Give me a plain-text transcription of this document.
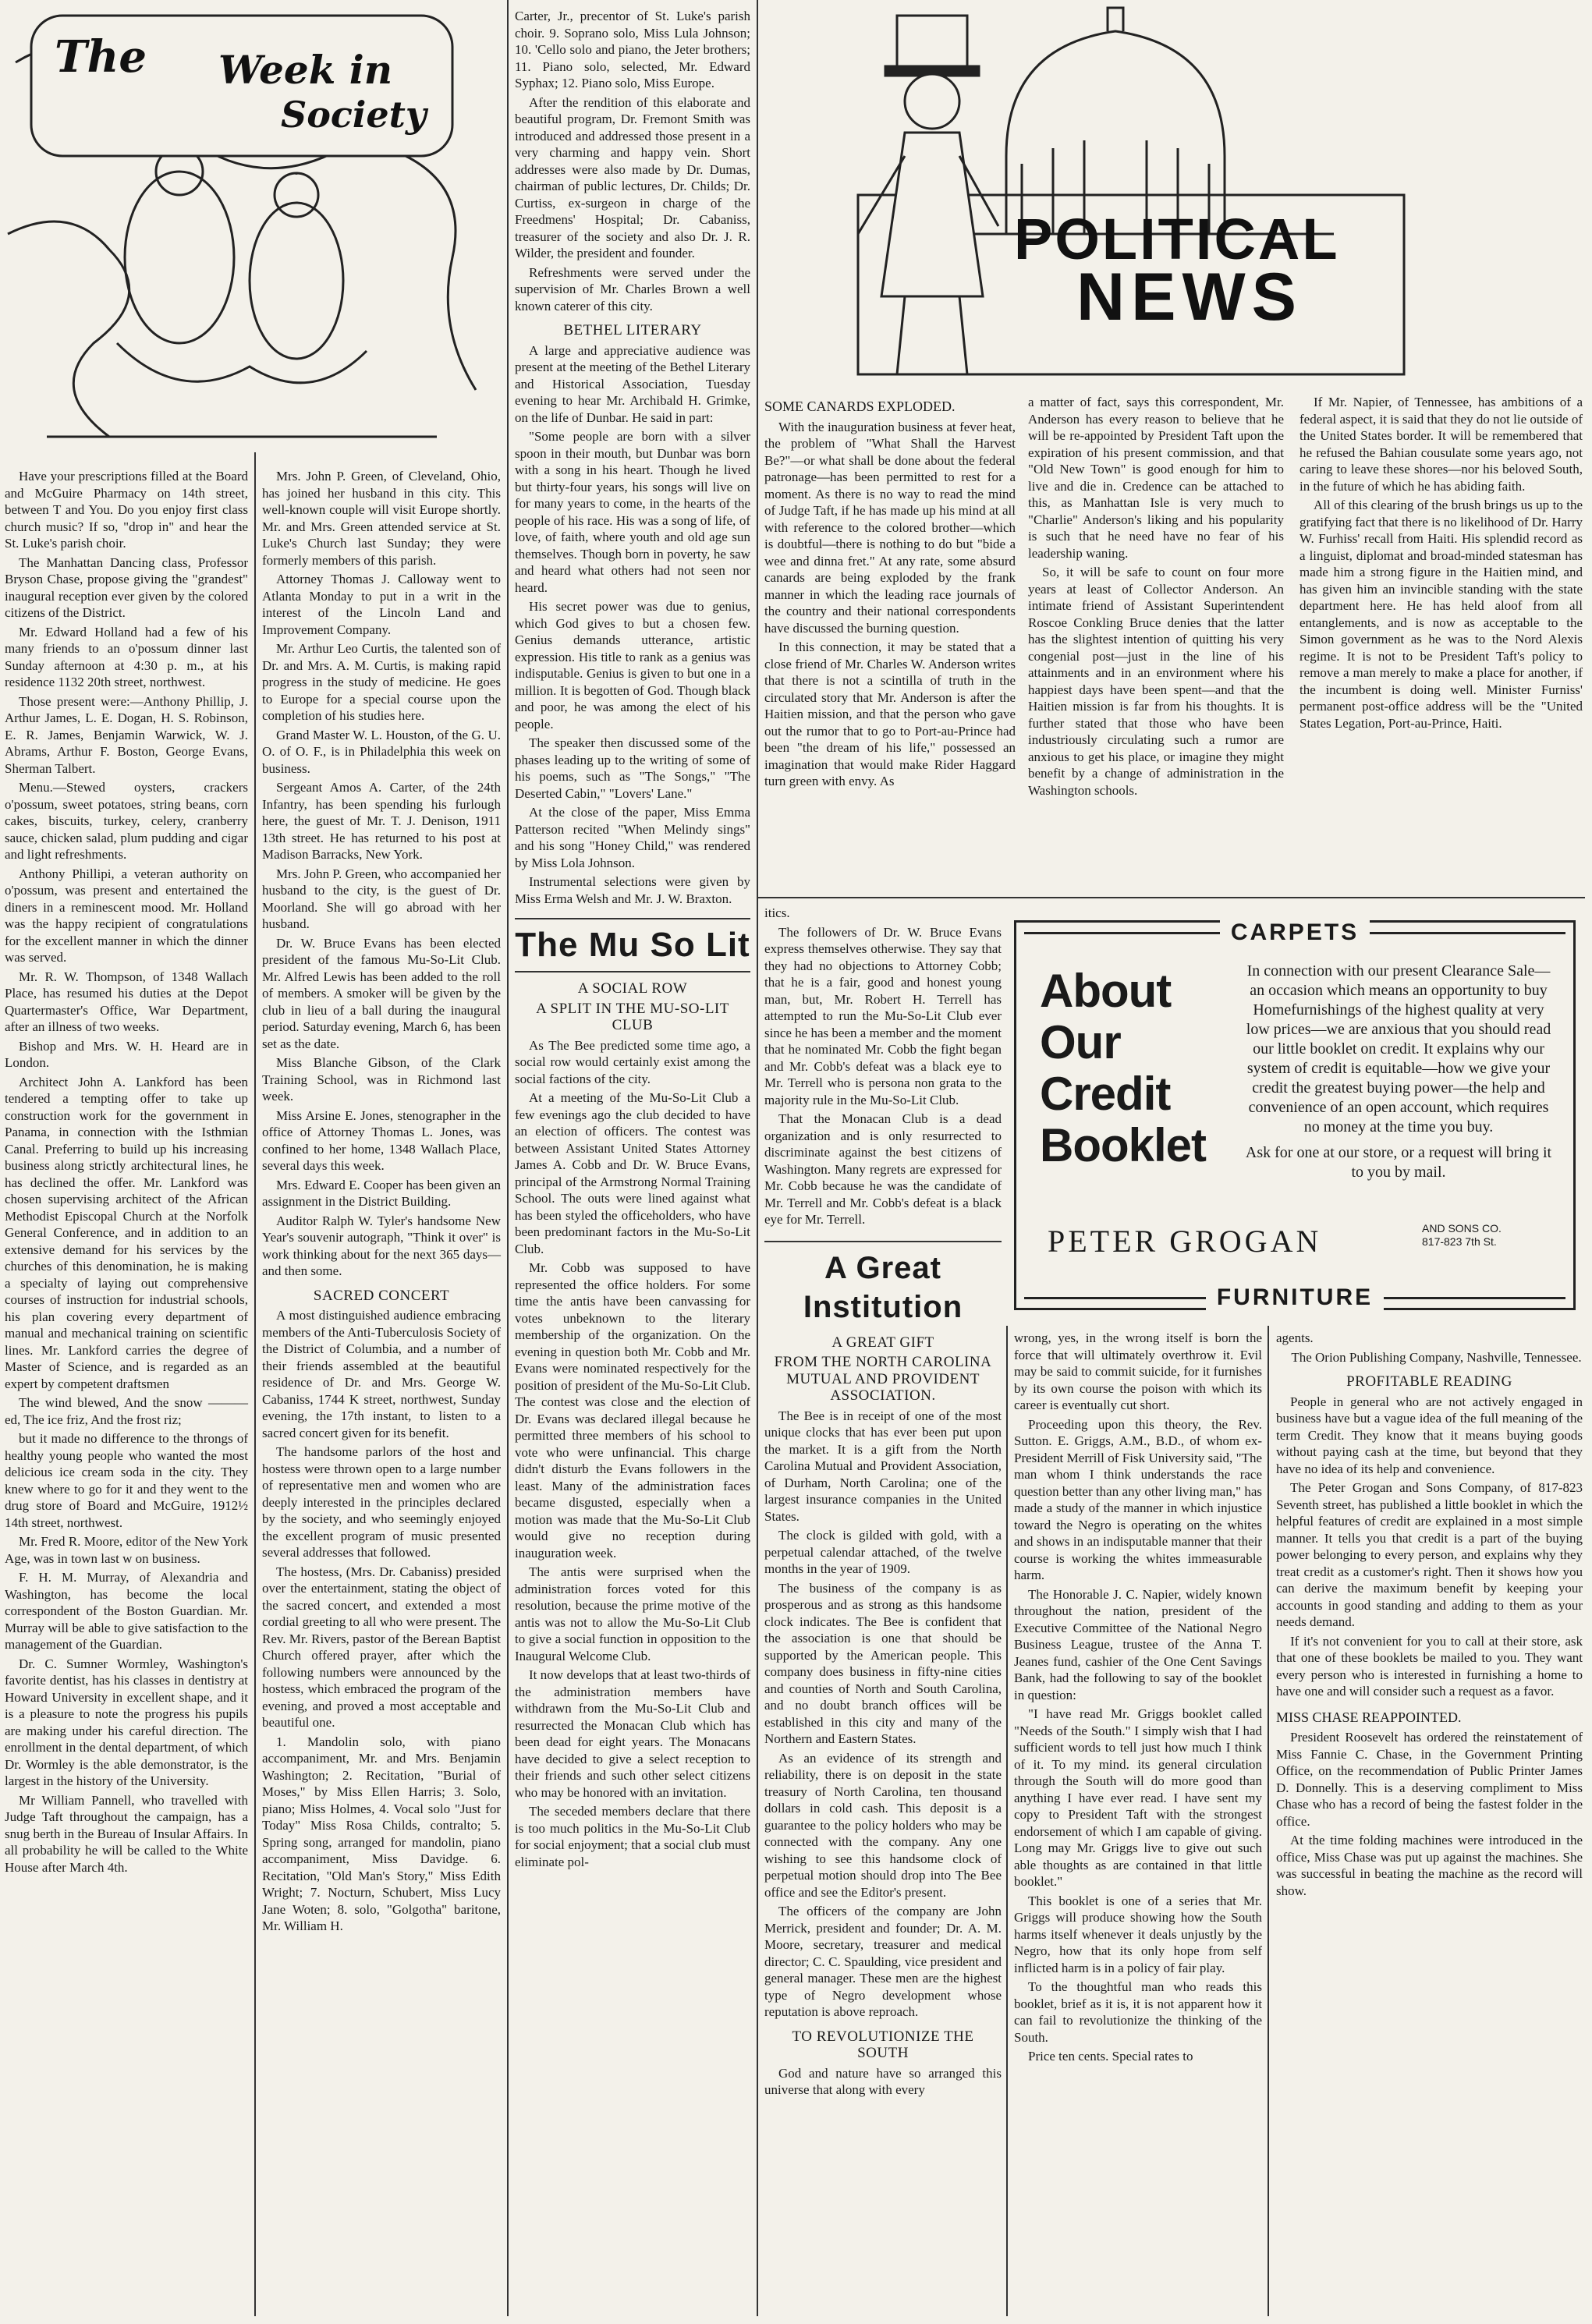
The Week in
Society
POLITICAL
NEWS

Have your prescriptions filled at the Board and McGuire Pharmacy on 14th street, between T and You. Do you enjoy first class church music? If so, "drop in" and hear the St. Luke's parish choir.

The Manhattan Dancing class, Professor Bryson Chase, propose giving the "grandest" inaugural reception ever given by the colored citizens of the District.

Mr. Edward Holland had a few of his many friends to an o'possum dinner last Sunday afternoon at 4:30 p. m., at his residence 1132 20th street, northwest.

Those present were:—Anthony Phillip, J. Arthur James, L. E. Dogan, H. S. Robinson, E. R. James, Benjamin Warwick, W. J. Abrams, Arthur F. Boston, George Evans, Sherman Talbert.

Menu.—Stewed oysters, crackers o'possum, sweet potatoes, string beans, corn cakes, biscuits, turkey, celery, cranberry sauce, chicken salad, plum pudding and cigar and light refreshments.

Anthony Phillipi, a veteran authority on o'possum, was present and entertained the diners in a reminescent mood. Mr. Holland was the happy recipient of congratulations for the excellent manner in which the dinner was served.

Mr. R. W. Thompson, of 1348 Wallach Place, has resumed his duties at the Depot Quartermaster's Office, War Department, after an illness of two weeks.

Bishop and Mrs. W. H. Heard are in London.

Architect John A. Lankford has been tendered a tempting offer to take up construction work for the government in Panama, in connection with the Isthmian Canal. Preferring to build up his increasing business along strictly architectural lines, he has declined the offer. Mr. Lankford was chosen supervising architect of the African Methodist Episcopal Church at the Norfolk General Conference, and in addition to an extensive demand for his services by the churches of this denomination, he is making a specialty of laying out comprehensive courses of instruction for industrial schools, his plan covering every department of manual and mechanical training on scientific lines. Mr. Lankford carries the degree of Master of Science, and is regarded as an expert by competent draftsmen

The wind blewed, And the snow ——— ed, The ice friz, And the frost riz;

but it made no difference to the throngs of healthy young people who wanted the most delicious ice cream soda in the city. They knew where to go for it and they went to the drug store of Board and McGuire, 1912½ 14th street, northwest.

Mr. Fred R. Moore, editor of the New York Age, was in town last w on business.

F. H. M. Murray, of Alexandria and Washington, has become the local correspondent of the Boston Guardian. Mr. Murray will be able to give satisfaction to the management of the Guardian.

Dr. C. Sumner Wormley, Washington's favorite dentist, has his classes in dentistry at Howard University in excellent shape, and it is a pleasure to note the progress his pupils are making under his careful direction. The enrollment in the dental department, of which Dr. Wormley is the able demonstrator, is the largest in the history of the University.

Mr William Pannell, who travelled with Judge Taft throughout the campaign, has a snug berth in the Bureau of Insular Affairs. In all probability he will be called to the White House after March 4th.

Mrs. John P. Green, of Cleveland, Ohio, has joined her husband in this city. This well-known couple will visit Europe shortly. Mr. and Mrs. Green attended service at St. Luke's Church last Sunday; they were formerly members of this parish.

Attorney Thomas J. Calloway went to Atlanta Monday to put in a writ in the interest of the Lincoln Land and Improvement Company.

Mr. Arthur Leo Curtis, the talented son of Dr. and Mrs. A. M. Curtis, is making rapid progress in the study of medicine. He goes to Europe for a special course upon the completion of his studies here.

Grand Master W. L. Houston, of the G. U. O. of O. F., is in Philadelphia this week on business.

Sergeant Amos A. Carter, of the 24th Infantry, has been spending his furlough here, the guest of Mr. T. J. Denison, 1911 13th street. He has returned to his post at Madison Barracks, New York.

Mrs. John P. Green, who accompanied her husband to the city, is the guest of Dr. Moorland. She will go abroad with her husband.

Dr. W. Bruce Evans has been elected president of the famous Mu-So-Lit Club. Mr. Alfred Lewis has been added to the roll of members. A smoker will be given by the club in lieu of a ball during the inaugural period. Saturday evening, March 6, has been set as the date.

Miss Blanche Gibson, of the Clark Training School, was in Richmond last week.

Miss Arsine E. Jones, stenographer in the office of Attorney Thomas L. Jones, was confined to her home, 1348 Wallach Place, several days this week.

Mrs. Edward E. Cooper has been given an assignment in the District Building.

Auditor Ralph W. Tyler's handsome New Year's souvenir autograph, "Think it over" is work thinking about for the next 365 days—and then some.

SACRED CONCERT

A most distinguished audience embracing members of the Anti-Tuberculosis Society of the District of Columbia, and a number of their friends assembled at the beautiful residence of Dr. and Mrs. George W. Cabaniss, 1744 K street, northwest, Sunday evening, the 17th instant, to listen to a sacred concert given for its benefit.

The handsome parlors of the host and hostess were thrown open to a large number of representative men and women who are deeply interested in the principles declared by the society, and who seemingly enjoyed the excellent program of music presented several addresses that followed.

The hostess, (Mrs. Dr. Cabaniss) presided over the entertainment, stating the object of the sacred concert, and extended a most cordial greeting to all who were present. The Rev. Mr. Rivers, pastor of the Berean Baptist Church offered prayer, after which the following numbers were announced by the hostess, which embraced the program of the evening, and proved a most acceptable and beautiful one.

1. Mandolin solo, with piano accompaniment, Mr. and Mrs. Benjamin Washington; 2. Recitation, "Burial of Moses," by Miss Ellen Harris; 3. Solo, piano; Miss Holmes, 4. Vocal solo "Just for Today" Miss Rosa Childs, contralto; 5. Spring song, arranged for mandolin, piano accompaniment, Miss Davidge. 6. Recitation, "Old Man's Story," Miss Edith Wright; 7. Nocturn, Schubert, Miss Lucy Jane Woten; 8. solo, "Golgotha" baritone, Mr. William H.

Carter, Jr., precentor of St. Luke's parish choir. 9. Soprano solo, Miss Lula Johnson; 10. 'Cello solo and piano, the Jeter brothers; 11. Piano solo, selected, Mr. Edward Syphax; 12. Piano solo, Miss Europe.

After the rendition of this elaborate and beautiful program, Dr. Fremont Smith was introduced and addressed those present in a very charming and happy vein. Short addresses were also made by Dr. Dumas, chairman of public lectures, Dr. Childs; Dr. Curtiss, ex-surgeon in charge of the Freedmens' Hospital; Dr. Cabaniss, treasurer of the society and also Dr. J. R. Wilder, the president and founder.

Refreshments were served under the supervision of Mr. Charles Brown a well known caterer of this city.

BETHEL LITERARY

A large and appreciative audience was present at the meeting of the Bethel Literary and Historical Association, Tuesday evening to hear Mr. Archibald H. Grimke, on the life of Dunbar. He said in part:

"Some people are born with a silver spoon in their mouth, but Dunbar was born with a song in his heart. Though he lived but thirty-four years, his songs will live on for many years to come, in the hearts of the people of his race. His was a song of life, of love, of faith, where youth and old age sun themselves. Though born in poverty, he saw and heard what others had not seen nor heard.

His secret power was due to genius, which God gives to but a chosen few. Genius demands utterance, artistic expression. His title to rank as a genius was indisputable. Genius is given to but one in a million. It is begotten of God. Though black and poor, he was among the elect of his people.

The speaker then discussed some of the phases leading up to the writing of some of his poems, such as "The Songs," "The Deserted Cabin," "Lovers' Lane."

At the close of the paper, Miss Emma Patterson recited "When Melindy sings" and his song "Honey Child," was rendered by Miss Lola Johnson.

Instrumental selections were given by Miss Erma Welsh and Mr. J. W. Braxton.

The Mu So Lit
A SOCIAL ROW
A SPLIT IN THE MU-SO-LIT CLUB

As The Bee predicted some time ago, a social row would certainly exist among the social factions of the city.

At a meeting of the Mu-So-Lit Club a few evenings ago the club decided to have an election of officers. The contest was between Assistant United States Attorney James A. Cobb and Dr. W. Bruce Evans, principal of the Armstrong Normal Training School. The outs were lined against what has been styled the officeholders, who have been predominant factors in the Mu-So-Lit Club.

Mr. Cobb was supposed to have represented the office holders. For some time the antis have been canvassing for votes unbeknown to the literary membership of the organization. On the evening in question both Mr. Cobb and Mr. Evans were nominated respectively for the position of president of the Mu-So-Lit Club. The contest was close and the election of Dr. Evans was declared illegal because he permitted three members of his school to vote who were unfinancial. This charge didn't disturb the Evans followers in the least. Many of the administration faces became disgusted, especially when a motion was made that the Mu-So-Lit Club would give no reception during inauguration week.

The antis were surprised when the administration forces voted for this resolution, because the prime motive of the antis was not to allow the Mu-So-Lit Club to give a social function in opposition to the Inaugural Welcome Club.

It now develops that at least two-thirds of the administration members have withdrawn from the Mu-So-Lit Club and resurrected the Monacan Club which has been dead for eight years. The Monacans have decided to give a select reception to their friends and such other select citizens who may be honored with an invitation.

The seceded members declare that there is too much politics in the Mu-So-Lit Club for social enjoyment; that a social club must eliminate pol-

SOME CANARDS EXPLODED.

With the inauguration business at fever heat, the problem of "What Shall the Harvest Be?"—or what shall be done about the federal patronage—has been permitted to rest for a moment. As there is no way to read the mind of Judge Taft, if he has made up his mind at all with reference to the colored brother—which is doubtful—there is nothing to do but "bide a wee and dinna fret." At any rate, some absurd canards are being exploded by the frank manner in which the leading race journals of the country and their national correspondents have discussed the burning question.

In this connection, it may be stated that a close friend of Mr. Charles W. Anderson writes that there is not a scintilla of truth in the circulated story that Mr. Anderson is after the Haitien mission, and that the person who gave out the rumor that to go to Port-au-Prince had been "the dream of his life," possessed an imagination that would make Rider Haggard turn green with envy. As

a matter of fact, says this correspondent, Mr. Anderson has every reason to believe that he will be re-appointed by President Taft upon the expiration of his present commission, and that "Old New Town" is good enough for him to live and die in. Credence can be attached to this, as Manhattan Isle is very much to "Charlie" Anderson's liking and his popularity is such that he need have no fear of his leadership waning.

So, it will be safe to count on four more years at least of Collector Anderson. An intimate friend of Assistant Superintendent Roscoe Conkling Bruce denies that the latter has the slightest intention of quitting his very congenial post—just in the line of his attainments and in an environment where his happiest days have been spent—and that the Haitien mission is far from his thoughts. It is further stated that those who have been industriously circulating such a rumor are anxious to get his place, or imagine they might benefit by a change of administration in the Washington schools.

If Mr. Napier, of Tennessee, has ambitions of a federal aspect, it is said that they do not lie outside of the United States border. It will be remembered that he refused the Bahian cousulate some years ago, not caring to leave these shores—nor his beloved South, in the future of which he has abiding faith.

All of this clearing of the brush brings us up to the gratifying fact that there is no likelihood of Dr. Harry W. Furhiss' recall from Haiti. His splendid record as a linguist, diplomat and broad-minded statesman has made him a strong figure in the Haitien mind, and has given him an invincible standing with the state department here. He has held aloof from all entanglements, and is now as acceptable to the Simon government as he was to the Nord Alexis regime. It is not to be President Taft's policy to remove a man merely to make a place for another, if the incumbent is doing well. Minister Furniss' permanent post-office address will be the "United States Legation, Port-au-Prince, Haiti.

itics.

The followers of Dr. W. Bruce Evans express themselves otherwise. They say that they had no objections to Attorney Cobb; that he is a fair, good and honest young man, but, Mr. Robert H. Terrell has attempted to run the Mu-So-Lit Club ever since he has been a member and the moment that he nominated Mr. Cobb the fight began and Mr. Cobb's defeat was a black eye to Mr. Terrell who is persona non grata to the majority rule in the Mu-So-Lit Club.

That the Monacan Club is a dead organization and is only resurrected to discriminate against the best citizens of Washington. Many regrets are expressed for Mr. Cobb because he was the candidate of Mr. Terrell and Mr. Cobb's defeat is a black eye for Mr. Terrell.

A Great Institution
A GREAT GIFT
FROM THE NORTH CAROLINA MUTUAL AND PROVIDENT ASSOCIATION.

The Bee is in receipt of one of the most unique clocks that has ever been put upon the market. It is a gift from the North Carolina Mutual and Provident Association, of Durham, North Carolina; one of the largest insurance companies in the United States.

The clock is gilded with gold, with a perpetual calendar attached, of the twelve months in the year of 1909.

The business of the company is as prosperous and as strong as this handsome clock indicates. The Bee is confident that the association is one that should be supported by the American people. This company does business in fifty-nine cities and counties of North and South Carolina, and no doubt branch offices will be established in this city and many of the Northern and Eastern States.

As an evidence of its strength and reliability, there is on deposit in the state treasury of North Carolina, ten thousand dollars in cold cash. This deposit is a guarantee to the policy holders who may be connected with the company. Any one wishing to see this handsome clock of perpetual motion should drop into The Bee office and see the Editor's present.

The officers of the company are John Merrick, president and founder; Dr. A. M. Moore, secretary, treasurer and medical director; C. C. Spaulding, vice president and general manager. These men are the highest type of Negro development whose reputation is above reproach.

TO REVOLUTIONIZE THE SOUTH

God and nature have so arranged this universe that along with every

CARPETS
About
Our
Credit
Booklet

In connection with our present Clearance Sale—an occasion which means an opportunity to buy Homefurnishings of the highest quality at very low prices—we are anxious that you should read our little booklet on credit. It explains why our system of credit is equitable—how we give your credit the greatest buying power—the help and convenience of an open account, which requires no money at the time you buy.

Ask for one at our store, or a request will bring it to you by mail.

PETER GROGAN	AND SONS CO.
817-823 7th St.
FURNITURE

wrong, yes, in the wrong itself is born the force that will ultimately overthrow it. Evil may be said to commit suicide, for it furnishes by its own course the poison with which its career is eventually cut short.

Proceeding upon this theory, the Rev. Sutton. E. Griggs, A.M., B.D., of whom ex-President Merrill of Fisk University said, "The man whom I think understands the race question better than any other living man," has made a study of the manner in which injustice toward the Negro is operating on the whites and shows in an indisputable manner that their course is working the whites immeasurable harm.

The Honorable J. C. Napier, widely known throughout the nation, president of the Executive Committee of the National Negro Business League, trustee of the Anna T. Jeanes fund, cashier of the One Cent Savings Bank, had the following to say of the booklet in question:

"I have read Mr. Griggs booklet called "Needs of the South." I simply wish that I had sufficient words to tell just how much I think of it. To my mind. its general circulation through the South will do more good than anything I have ever read. I have sent my copy to President Taft with the strongest endorsement of which I am capable of giving. Long may Mr. Griggs live to give out such able thoughts as are contained in that little booklet."

This booklet is one of a series that Mr. Griggs will produce showing how the South harms itself whenever it deals unjustly by the Negro, how that its only hope from self inflicted harm is in a policy of fair play.

To the thoughtful man who reads this booklet, brief as it is, it is not apparent how it can fail to revolutionize the thinking of the South.

Price ten cents. Special rates to

agents.

The Orion Publishing Company, Nashville, Tennessee.

PROFITABLE READING

People in general who are not actively engaged in business have but a vague idea of the full meaning of the term Credit. They know that it means buying goods without paying cash at the time, but beyond that they have no idea of its help and convenience.

The Peter Grogan and Sons Company, of 817-823 Seventh street, has published a little booklet in which the helpful features of credit are explained in a most simple manner. It tells you that credit is a part of the buying power belonging to every person, and explains why they treat credit as a customer's right. Then it shows how you can derive the maximum benefit by keeping your accounts in good standing and adding to them as your needs demand.

If it's not convenient for you to call at their store, ask that one of these booklets be mailed to you. They want every person who is interested in furnishing a home to have one and will consider such a request as a favor.

MISS CHASE REAPPOINTED.

President Roosevelt has ordered the reinstatement of Miss Fannie C. Chase, in the Government Printing Office, on the recommendation of Public Printer James D. Donnelly. This is a deserving compliment to Miss Chase who has a record of being the fastest folder in the office.

At the time folding machines were introduced in the office, Miss Chase was put up against the machines. She was successful in beating the machine as the record will show.
